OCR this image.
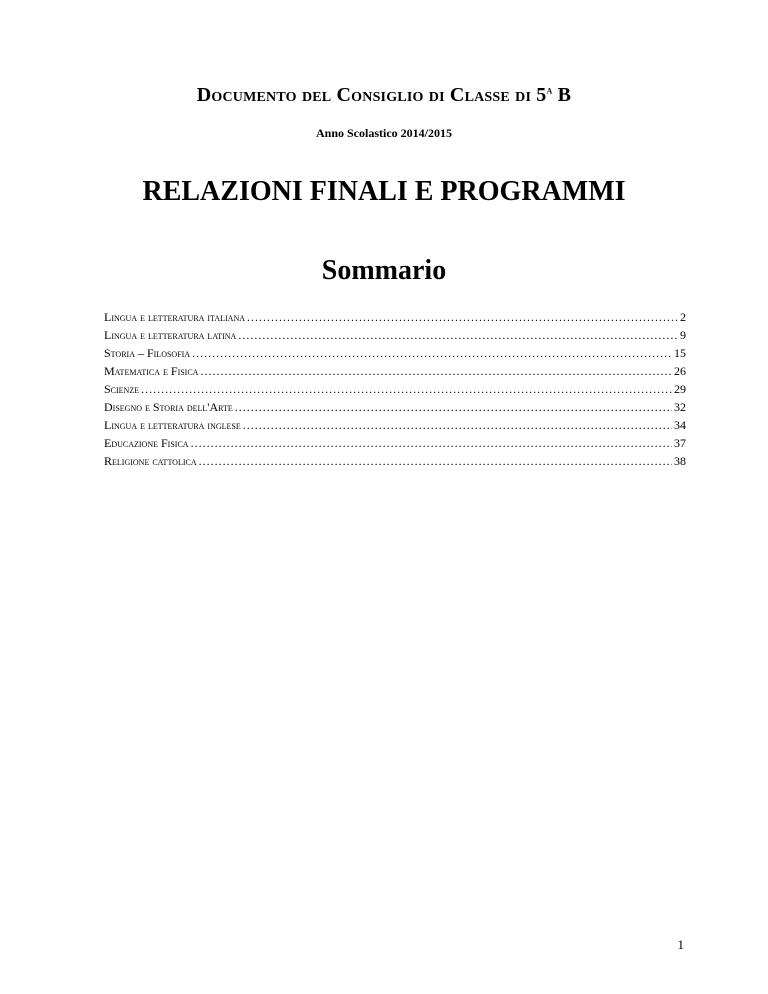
Documento del Consiglio di Classe di 5$^a$ B
Anno Scolastico 2014/2015
RELAZIONI FINALI E PROGRAMMI
Sommario
Lingua e letteratura italiana .....	2
Lingua e letteratura latina .....	9
Storia – Filosofia .....	15
Matematica e Fisica .....	26
Scienze .....	29
Disegno e Storia dell'Arte .....	32
Lingua e letteratura inglese .....	34
Educazione Fisica .....	37
Religione cattolica .....	38
1
